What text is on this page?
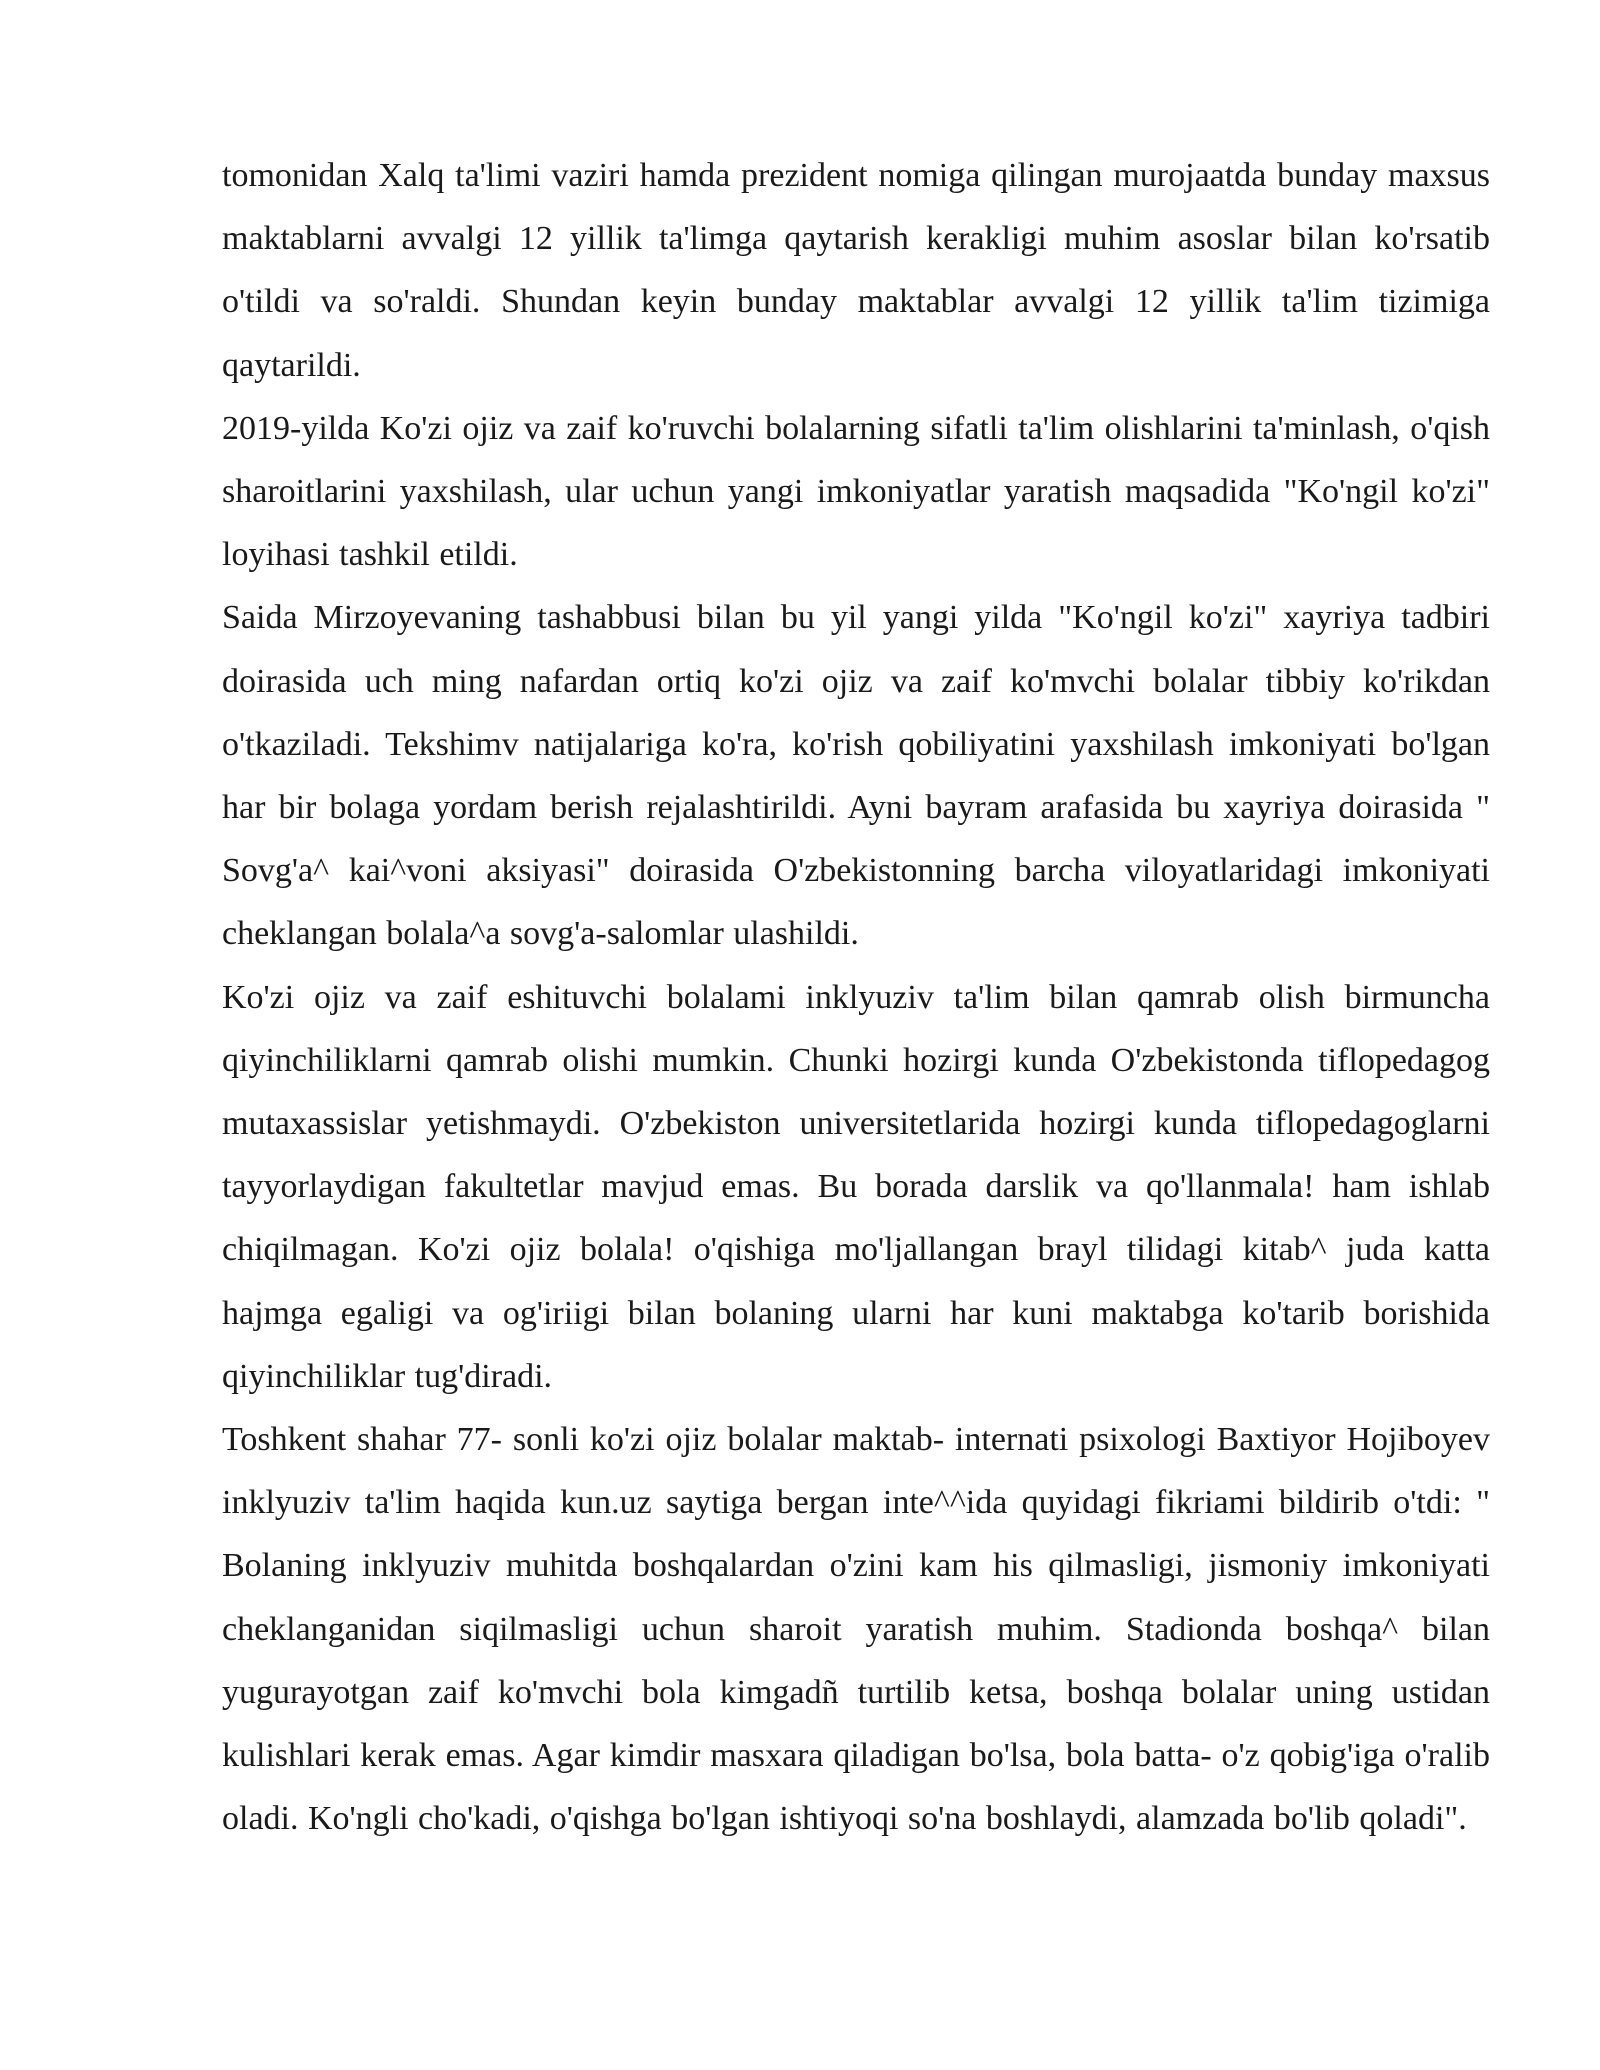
tomonidan Xalq ta'limi vaziri hamda prezident nomiga qilingan murojaatda bunday maxsus maktablarni avvalgi 12 yillik ta'limga qaytarish kerakligi muhim asoslar bilan ko'rsatib o'tildi va so'raldi. Shundan keyin bunday maktablar avvalgi 12 yillik ta'lim tizimiga qaytarildi.

2019-yilda Ko'zi ojiz va zaif ko'ruvchi bolalarning sifatli ta'lim olishlarini ta'minlash, o'qish sharoitlarini yaxshilash, ular uchun yangi imkoniyatlar yaratish maqsadida "Ko'ngil ko'zi" loyihasi tashkil etildi.

Saida Mirzoyevaning tashabbusi bilan bu yil yangi yilda "Ko'ngil ko'zi" xayriya tadbiri doirasida uch ming nafardan ortiq ko'zi ojiz va zaif ko'mvchi bolalar tibbiy ko'rikdan o'tkaziladi. Tekshimv natijalariga ko'ra, ko'rish qobiliyatini yaxshilash imkoniyati bo'lgan har bir bolaga yordam berish rejalashtirildi. Ayni bayram arafasida bu xayriya doirasida " Sovg'a^ kai^voni aksiyasi" doirasida O'zbekistonning barcha viloyatlaridagi imkoniyati cheklangan bolala^a sovg'a-salomlar ulashildi.

Ko'zi ojiz va zaif eshituvchi bolalami inklyuziv ta'lim bilan qamrab olish birmuncha qiyinchiliklarni qamrab olishi mumkin. Chunki hozirgi kunda O'zbekistonda tiflopedagog mutaxassislar yetishmaydi. O'zbekiston universitetlarida hozirgi kunda tiflopedagoglarni tayyorlaydigan fakultetlar mavjud emas. Bu borada darslik va qo'llanmala! ham ishlab chiqilmagan. Ko'zi ojiz bolala! o'qishiga mo'ljallangan brayl tilidagi kitab^ juda katta hajmga egaligi va og'iriigi bilan bolaning ularni har kuni maktabga ko'tarib borishida qiyinchiliklar tug'diradi.

Toshkent shahar 77- sonli ko'zi ojiz bolalar maktab- internati psixologi Baxtiyor Hojiboyev inklyuziv ta'lim haqida kun.uz saytiga bergan inte^^ida quyidagi fikriami bildirib o'tdi: " Bolaning inklyuziv muhitda boshqalardan o'zini kam his qilmasligi, jismoniy imkoniyati cheklanganidan siqilmasligi uchun sharoit yaratish muhim. Stadionda boshqa^ bilan yugurayotgan zaif ko'mvchi bola kimgadñ turtilib ketsa, boshqa bolalar uning ustidan kulishlari kerak emas. Agar kimdir masxara qiladigan bo'lsa, bola batta- o'z qobig'iga o'ralib oladi. Ko'ngli cho'kadi, o'qishga bo'lgan ishtiyoqi so'na boshlaydi, alamzada bo'lib qoladi".
